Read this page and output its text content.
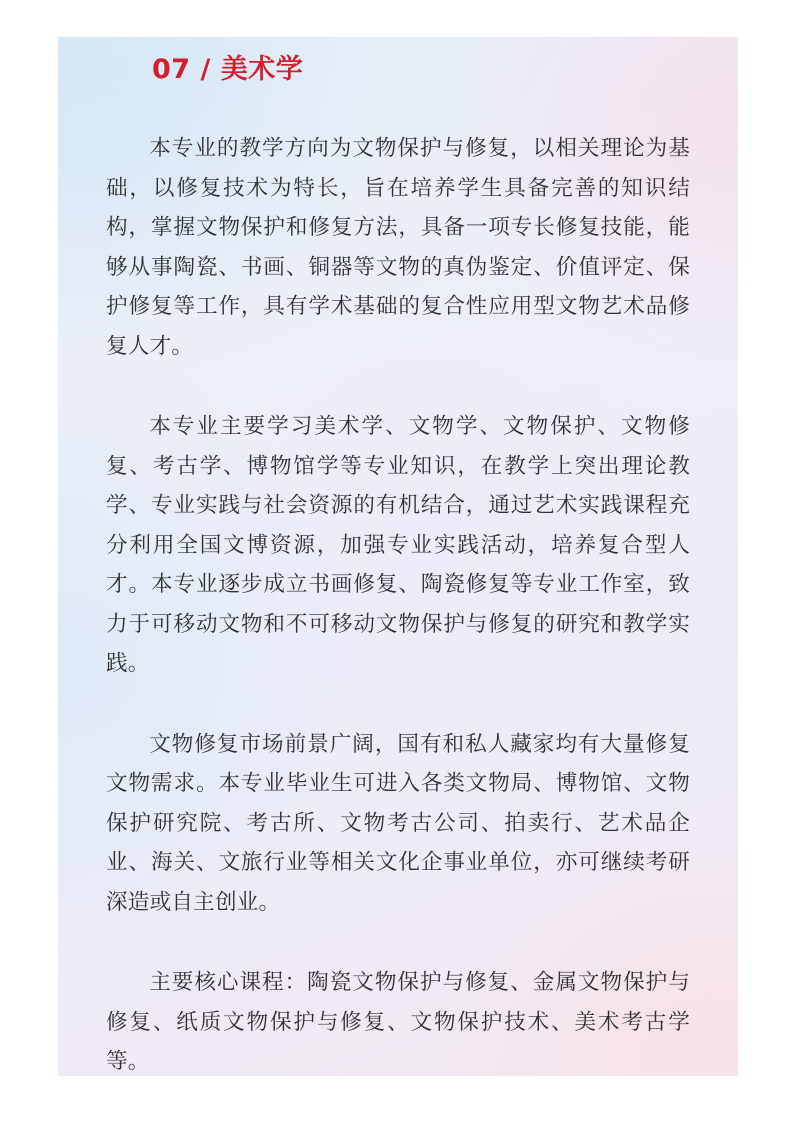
07 / 美术学

本专业的教学方向为文物保护与修复，以相关理论为基础，以修复技术为特长，旨在培养学生具备完善的知识结构，掌握文物保护和修复方法，具备一项专长修复技能，能够从事陶瓷、书画、铜器等文物的真伪鉴定、价值评定、保护修复等工作，具有学术基础的复合性应用型文物艺术品修复人才。

本专业主要学习美术学、文物学、文物保护、文物修复、考古学、博物馆学等专业知识，在教学上突出理论教学、专业实践与社会资源的有机结合，通过艺术实践课程充分利用全国文博资源，加强专业实践活动，培养复合型人才。本专业逐步成立书画修复、陶瓷修复等专业工作室，致力于可移动文物和不可移动文物保护与修复的研究和教学实践。

文物修复市场前景广阔，国有和私人藏家均有大量修复文物需求。本专业毕业生可进入各类文物局、博物馆、文物保护研究院、考古所、文物考古公司、拍卖行、艺术品企业、海关、文旅行业等相关文化企事业单位，亦可继续考研深造或自主创业。

主要核心课程：陶瓷文物保护与修复、金属文物保护与修复、纸质文物保护与修复、文物保护技术、美术考古学等。
